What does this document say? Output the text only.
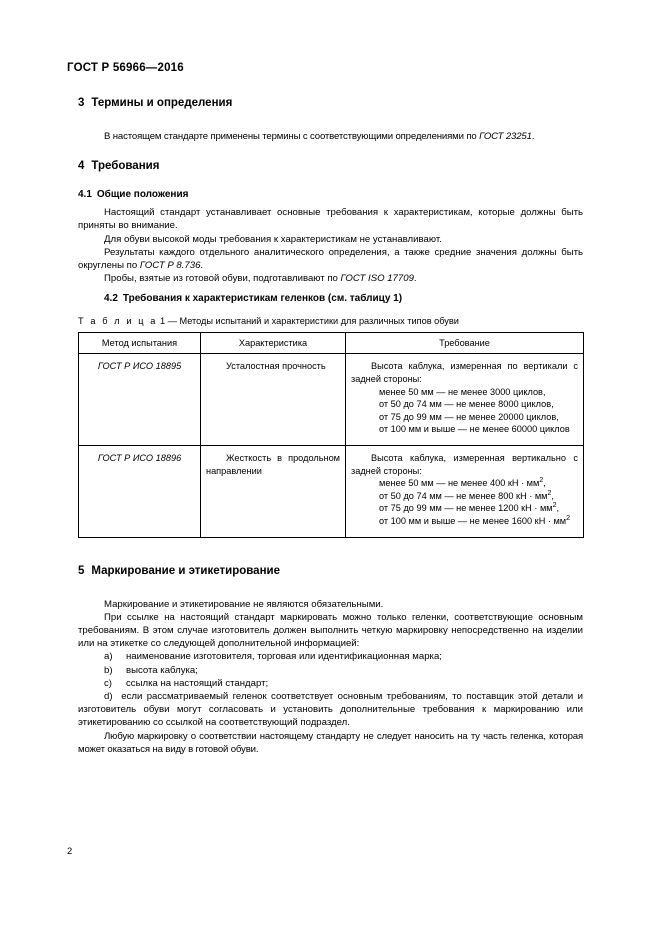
ГОСТ Р 56966—2016
3 Термины и определения

В настоящем стандарте применены термины с соответствующими определениями по ГОСТ 23251.

4 Требования
4.1 Общие положения

Настоящий стандарт устанавливает основные требования к характеристикам, которые должны быть приняты во внимание.

Для обуви высокой моды требования к характеристикам не устанавливают.

Результаты каждого отдельного аналитического определения, а также средние значения должны быть округлены по ГОСТ Р 8.736.

Пробы, взятые из готовой обуви, подготавливают по ГОСТ ISO 17709.

4.2 Требования к характеристикам геленков (см. таблицу 1)

Т а б л и ц а 1 — Методы испытаний и характеристики для различных типов обуви

Метод испытания	Характеристика	Требование
ГОСТ Р ИСО 18895	Усталостная прочность	Высота каблука, измеренная по вертикали с задней стороны:
менее 50 мм — не менее 3000 циклов,
от 50 до 74 мм — не менее 8000 циклов,
от 75 до 99 мм — не менее 20000 циклов,
от 100 мм и выше — не менее 60000 циклов

ГОСТ Р ИСО 18896	Жесткость в продольном направлении	Высота каблука, измеренная вертикально с задней стороны:
менее 50 мм — не менее 400 кН · $мм^2$,
от 50 до 74 мм — не менее 800 кН · $мм^2$,
от 75 до 99 мм — не менее 1200 кН · $мм^2$,
от 100 мм и выше — не менее 1600 кН · $мм^2$
5 Маркирование и этикетирование

Маркирование и этикетирование не являются обязательными.

При ссылке на настоящий стандарт маркировать можно только геленки, соответствующие основным требованиям. В этом случае изготовитель должен выполнить четкую маркировку непосредственно на изделии или на этикетке со следующей дополнительной информацией:

a) наименование изготовителя, торговая или идентификационная марка;
b) высота каблука;
c) ссылка на настоящий стандарт;
d) если рассматриваемый геленок соответствует основным требованиям, то поставщик этой детали и изготовитель обуви могут согласовать и установить дополнительные требования к маркированию или этикетированию со ссылкой на соответствующий подраздел.

Любую маркировку о соответствии настоящему стандарту не следует наносить на ту часть геленка, которая может оказаться на виду в готовой обуви.

2
